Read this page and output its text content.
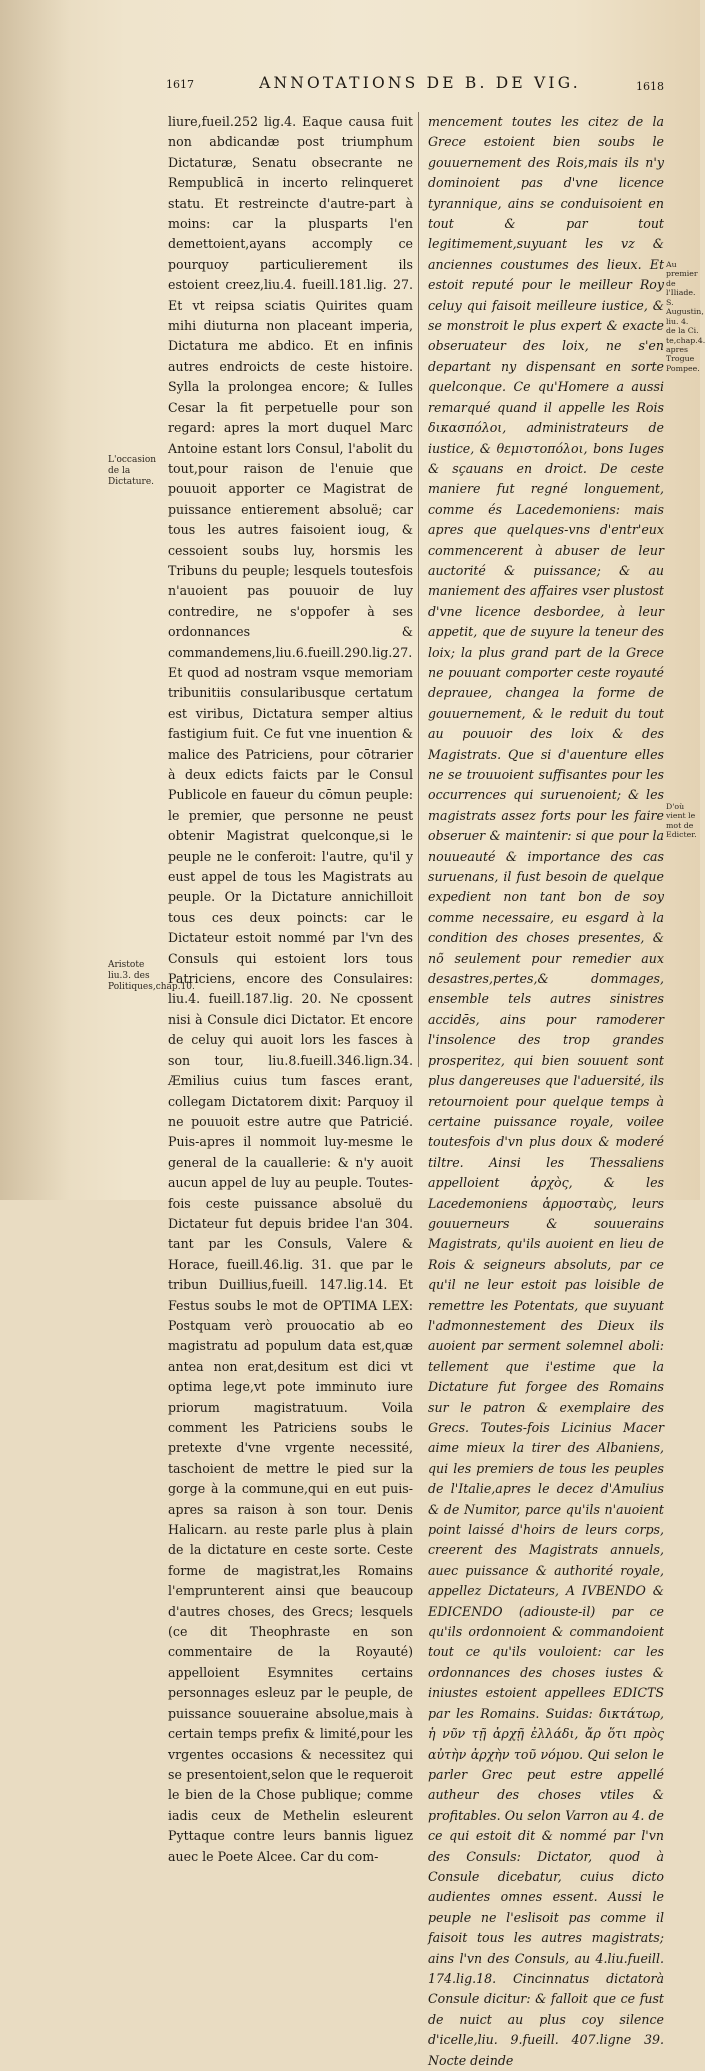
1617	ANNOTATIONS DE B. DE VIG.	1618

liure,fueil.252 lig.4. Eaque causa fuit non abdicandæ post triumphum Dictaturæ, Senatu obsecrante ne Rempublicā in incerto relinqueret statu. Et restreincte d'autre-part à moins: car la plusparts l'en demettoient,ayans accomply ce pourquoy particulierement ils estoient creez,liu.4. fueill.181.lig. 27. Et vt reipsa sciatis Quirites quam mihi diuturna non placeant imperia, Dictatura me abdico. Et en infinis autres endroicts de ceste histoire. Sylla la prolongea encore; & Iulles Cesar la fit perpetuelle pour son regard: apres la mort duquel Marc Antoine estant lors Consul, l'abolit du tout,pour raison de l'enuie que pouuoit apporter ce Magistrat de puissance entierement absoluë; car tous les autres faisoient ioug, & cessoient soubs luy, horsmis les Tribuns du peuple; lesquels toutesfois n'auoient pas pouuoir de luy contredire, ne s'oppofer à ses ordonnances & commandemens,liu.6.fueill.290.lig.27. Et quod ad nostram vsque memoriam tribunitiis consularibusque certatum est viribus, Dictatura semper altius fastigium fuit. Ce fut vne inuention & malice des Patriciens, pour cōtrarier à deux edicts faicts par le Consul Publicole en faueur du cōmun peuple: le premier, que personne ne peust obtenir Magistrat quelconque,si le peuple ne le conferoit: l'autre, qu'il y eust appel de tous les Magistrats au peuple. Or la Dictature annichilloit tous ces deux poincts: car le Dictateur estoit nommé par l'vn des Consuls qui estoient lors tous Patriciens, encore des Consulaires: liu.4. fueill.187.lig. 20. Ne cpossent nisi à Consule dici Dictator. Et encore de celuy qui auoit lors les fasces à son tour, liu.8.fueill.346.lign.34. Æmilius cuius tum fasces erant, collegam Dictatorem dixit: Parquoy il ne pouuoit estre autre que Patricié. Puis-apres il nommoit luy-mesme le general de la cauallerie: & n'y auoit aucun appel de luy au peuple. Toutes-fois ceste puissance absoluë du Dictateur fut depuis bridee l'an 304. tant par les Consuls, Valere & Horace, fueill.46.lig. 31. que par le tribun Duillius,fueill. 147.lig.14. Et Festus soubs le mot de OPTIMA LEX: Postquam verò prouocatio ab eo magistratu ad populum data est,quæ antea non erat,desitum est dici vt optima lege,vt pote imminuto iure priorum magistratuum. Voila comment les Patriciens soubs le pretexte d'vne vrgente necessité, taschoient de mettre le pied sur la gorge à la commune,qui en eut puis-apres sa raison à son tour. Denis Halicarn. au reste parle plus à plain de la dictature en ceste sorte. Ceste forme de magistrat,les Romains l'emprunterent ainsi que beaucoup d'autres choses, des Grecs; lesquels (ce dit Theophraste en son commentaire de la Royauté) appelloient Esymnites certains personnages esleuz par le peuple, de puissance souueraine absolue,mais à certain temps prefix & limité,pour les vrgentes occasions & necessitez qui se presentoient,selon que le requeroit le bien de la Chose publique; comme iadis ceux de Methelin esleurent Pyttaque contre leurs bannis liguez auec le Poete Alcee. Car du com-

mencement toutes les citez de la Grece estoient bien soubs le gouuernement des Rois,mais ils n'y dominoient pas d'vne licence tyrannique, ains se conduisoient en tout & par tout legitimement,suyuant les vz & anciennes coustumes des lieux. Et estoit reputé pour le meilleur Roy celuy qui faisoit meilleure iustice, & se monstroit le plus expert & exacte obseruateur des loix, ne s'en departant ny dispensant en sorte quelconque. Ce qu'Homere a aussi remarqué quand il appelle les Rois δικασπόλοι, administrateurs de iustice, & θεμιστοπόλοι, bons Iuges & sçauans en droict. De ceste maniere fut regné longuement, comme és Lacedemoniens: mais apres que quelques-vns d'entr'eux commencerent à abuser de leur auctorité & puissance; & au maniement des affaires vser plustost d'vne licence desbordee, à leur appetit, que de suyure la teneur des loix; la plus grand part de la Grece ne pouuant comporter ceste royauté deprauee, changea la forme de gouuernement, & le reduit du tout au pouuoir des loix & des Magistrats. Que si d'auenture elles ne se trouuoient suffisantes pour les occurrences qui suruenoient; & les magistrats assez forts pour les faire obseruer & maintenir: si que pour la nouueauté & importance des cas suruenans, il fust besoin de quelque expedient non tant bon de soy comme necessaire, eu esgard à la condition des choses presentes, & nõ seulement pour remedier aux desastres,pertes,& dommages, ensemble tels autres sinistres accidēs, ains pour ramoderer l'insolence des trop grandes prosperitez, qui bien souuent sont plus dangereuses que l'aduersité, ils retournoient pour quelque temps à certaine puissance royale, voilee toutesfois d'vn plus doux & moderé tiltre. Ainsi les Thessaliens appelloient ἀρχὸς, & les Lacedemoniens ἁρμοσταὺς, leurs gouuerneurs & souuerains Magistrats, qu'ils auoient en lieu de Rois & seigneurs absoluts, par ce qu'il ne leur estoit pas loisible de remettre les Potentats, que suyuant l'admonnestement des Dieux ils auoient par serment solemnel aboli: tellement que i'estime que la Dictature fut forgee des Romains sur le patron & exemplaire des Grecs. Toutes-fois Licinius Macer aime mieux la tirer des Albaniens, qui les premiers de tous les peuples de l'Italie,apres le decez d'Amulius & de Numitor, parce qu'ils n'auoient point laissé d'hoirs de leurs corps, creerent des Magistrats annuels, auec puissance & authorité royale, appellez Dictateurs, A IVBENDO & EDICENDO (adiouste-il) par ce qu'ils ordonnoient & commandoient tout ce qu'ils vouloient: car les ordonnances des choses iustes & iniustes estoient appellees EDICTS par les Romains. Suidas: δικτάτωρ, ἡ νῦν τῇ ἀρχῇ ἐλλάδι, ἄρ ὅτι πρὸς αὐτὴν ἀρχὴν τοῦ νόμου. Qui selon le parler Grec peut estre appellé autheur des choses vtiles & profitables. Ou selon Varron au 4. de ce qui estoit dit & nommé par l'vn des Consuls: Dictator, quod à Consule dicebatur, cuius dicto audientes omnes essent. Aussi le peuple ne l'eslisoit pas comme il faisoit tous les autres magistrats; ains l'vn des Consuls, au 4.liu.fueill. 174.lig.18. Cincinnatus dictatorà Consule dicitur: & falloit que ce fust de nuict au plus coy silence d'icelle,liu. 9.fueill. 407.ligne 39. Nocte deinde

L'occasion de la Dictature.
Aristote liu.3. des Politiques,chap.10.
Au premier de l'Iliade.
S. Augustin, liu. 4. de la Ci. te,chap.4. apres Trogue Pompee.
D'où vient le mot de Edicter.
